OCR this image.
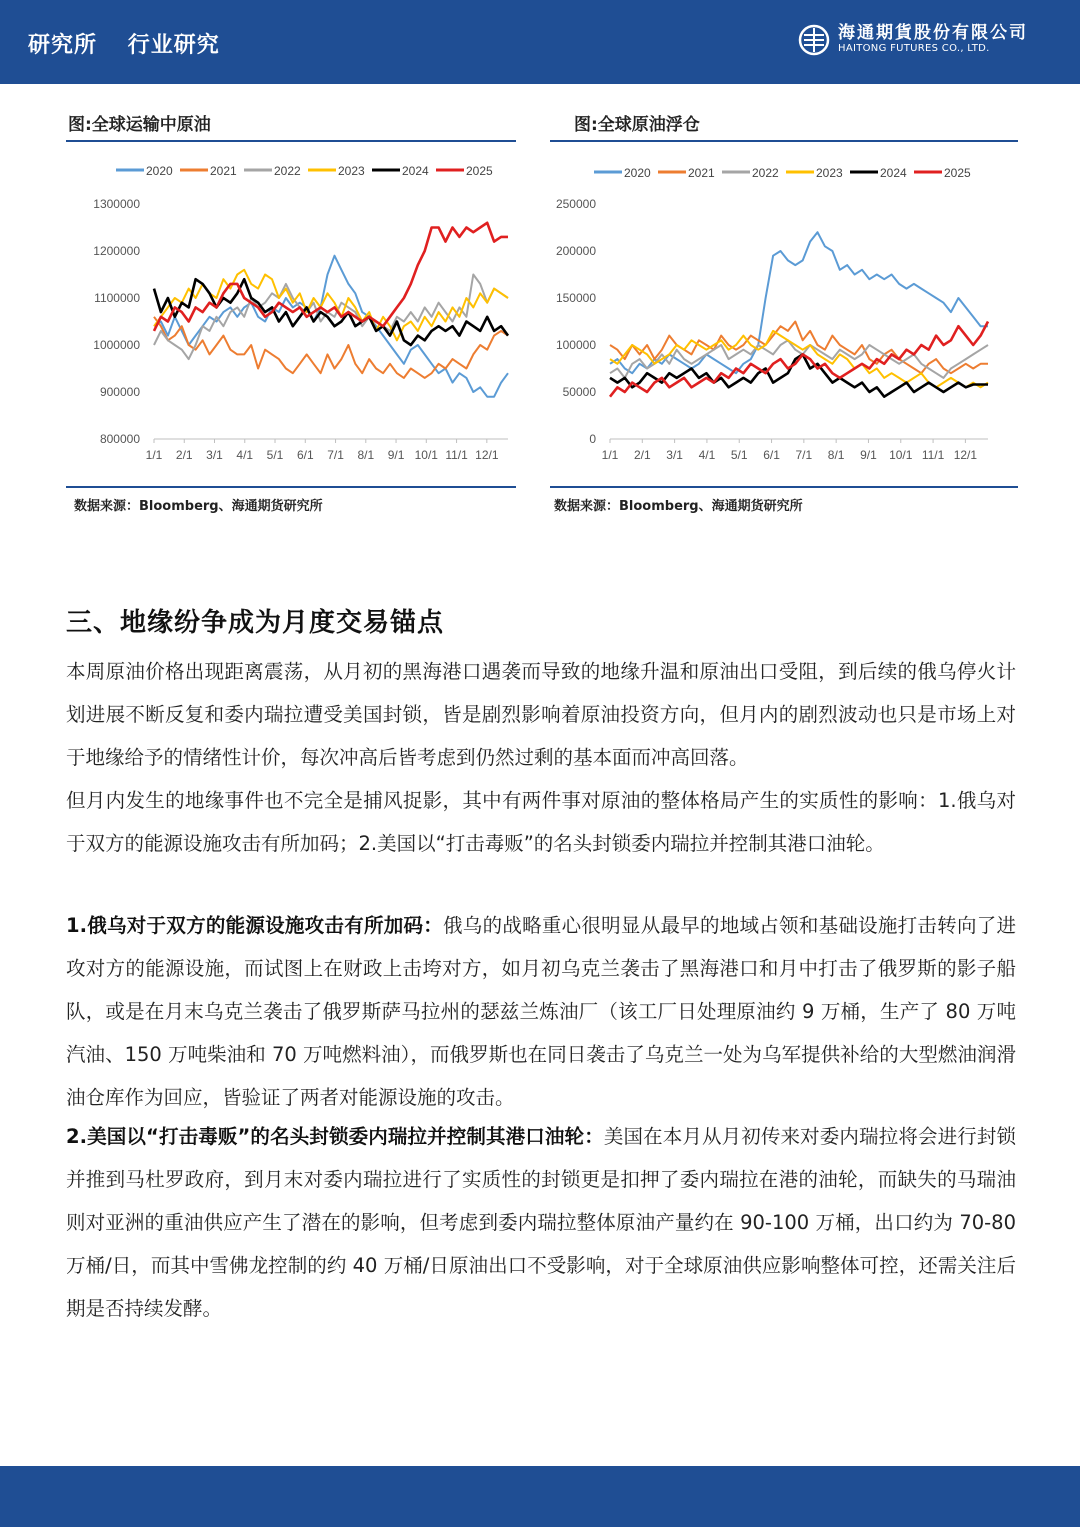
研究所 行业研究	海通期貨股份有限公司
HAITONG FUTURES CO., LTD.
图:全球运输中原油	图:全球原油浮仓
2020	2021	2022	2023	2024	2025
800000
900000
1000000
1100000
1200000
1300000
1/1 2/1 3/1 4/1 5/1 6/1 7/1 8/1 9/1 10/1 11/1 12/1
2020	2021	2022	2023	2024	2025
0
50000
100000
150000
200000
250000
1/1 2/1 3/1 4/1 5/1 6/1 7/1 8/1 9/1 10/1 11/1 12/1
数据来源：Bloomberg、海通期货研究所	数据来源：Bloomberg、海通期货研究所
三、地缘纷争成为月度交易锚点
本周原油价格出现距离震荡，从月初的黑海港口遇袭而导致的地缘升温和原油出口受阻，到后续的俄乌停火计划进展不断反复和委内瑞拉遭受美国封锁，皆是剧烈影响着原油投资方向，但月内的剧烈波动也只是市场上对于地缘给予的情绪性计价，每次冲高后皆考虑到仍然过剩的基本面而冲高回落。
但月内发生的地缘事件也不完全是捕风捉影，其中有两件事对原油的整体格局产生的实质性的影响：1.俄乌对于双方的能源设施攻击有所加码；2.美国以“打击毒贩”的名头封锁委内瑞拉并控制其港口油轮。
1.俄乌对于双方的能源设施攻击有所加码：俄乌的战略重心很明显从最早的地域占领和基础设施打击转向了进攻对方的能源设施，而试图上在财政上击垮对方，如月初乌克兰袭击了黑海港口和月中打击了俄罗斯的影子船队，或是在月末乌克兰袭击了俄罗斯萨马拉州的瑟兹兰炼油厂（该工厂日处理原油约 9 万桶，生产了 80 万吨汽油、150 万吨柴油和 70 万吨燃料油），而俄罗斯也在同日袭击了乌克兰一处为乌军提供补给的大型燃油润滑油仓库作为回应，皆验证了两者对能源设施的攻击。
2.美国以“打击毒贩”的名头封锁委内瑞拉并控制其港口油轮：美国在本月从月初传来对委内瑞拉将会进行封锁并推到马杜罗政府，到月末对委内瑞拉进行了实质性的封锁更是扣押了委内瑞拉在港的油轮，而缺失的马瑞油则对亚洲的重油供应产生了潜在的影响，但考虑到委内瑞拉整体原油产量约在 90-100 万桶，出口约为 70-80 万桶/日，而其中雪佛龙控制的约 40 万桶/日原油出口不受影响，对于全球原油供应影响整体可控，还需关注后期是否持续发酵。
